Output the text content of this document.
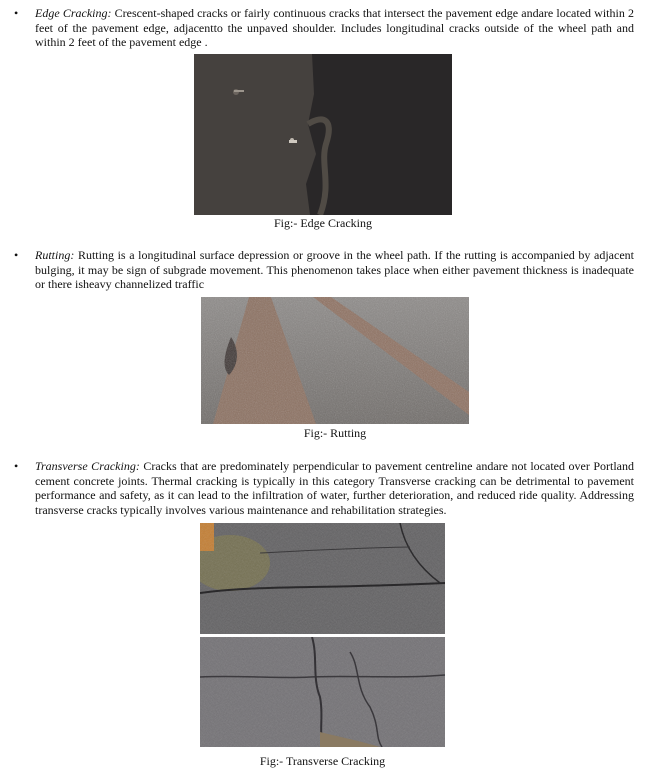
• Edge Cracking: Crescent-shaped cracks or fairly continuous cracks that intersect the pavement edge andare located within 2 feet of the pavement edge, adjacentto the unpaved shoulder. Includes longitudinal cracks outside of the wheel path and within 2 feet of the pavement edge .

Fig:- Edge Cracking
• Rutting: Rutting is a longitudinal surface depression or groove in the wheel path. If the rutting is accompanied by adjacent bulging, it may be sign of subgrade movement. This phenomenon takes place when either pavement thickness is inadequate or there isheavy channelized traffic

Fig:- Rutting
• Transverse Cracking: Cracks that are predominately perpendicular to pavement centreline andare not located over Portland cement concrete joints. Thermal cracking is typically in this category Transverse cracking can be detrimental to pavement performance and safety, as it can lead to the infiltration of water, further deterioration, and reduced ride quality. Addressing transverse cracks typically involves various maintenance and rehabilitation strategies.

Fig:- Transverse Cracking
